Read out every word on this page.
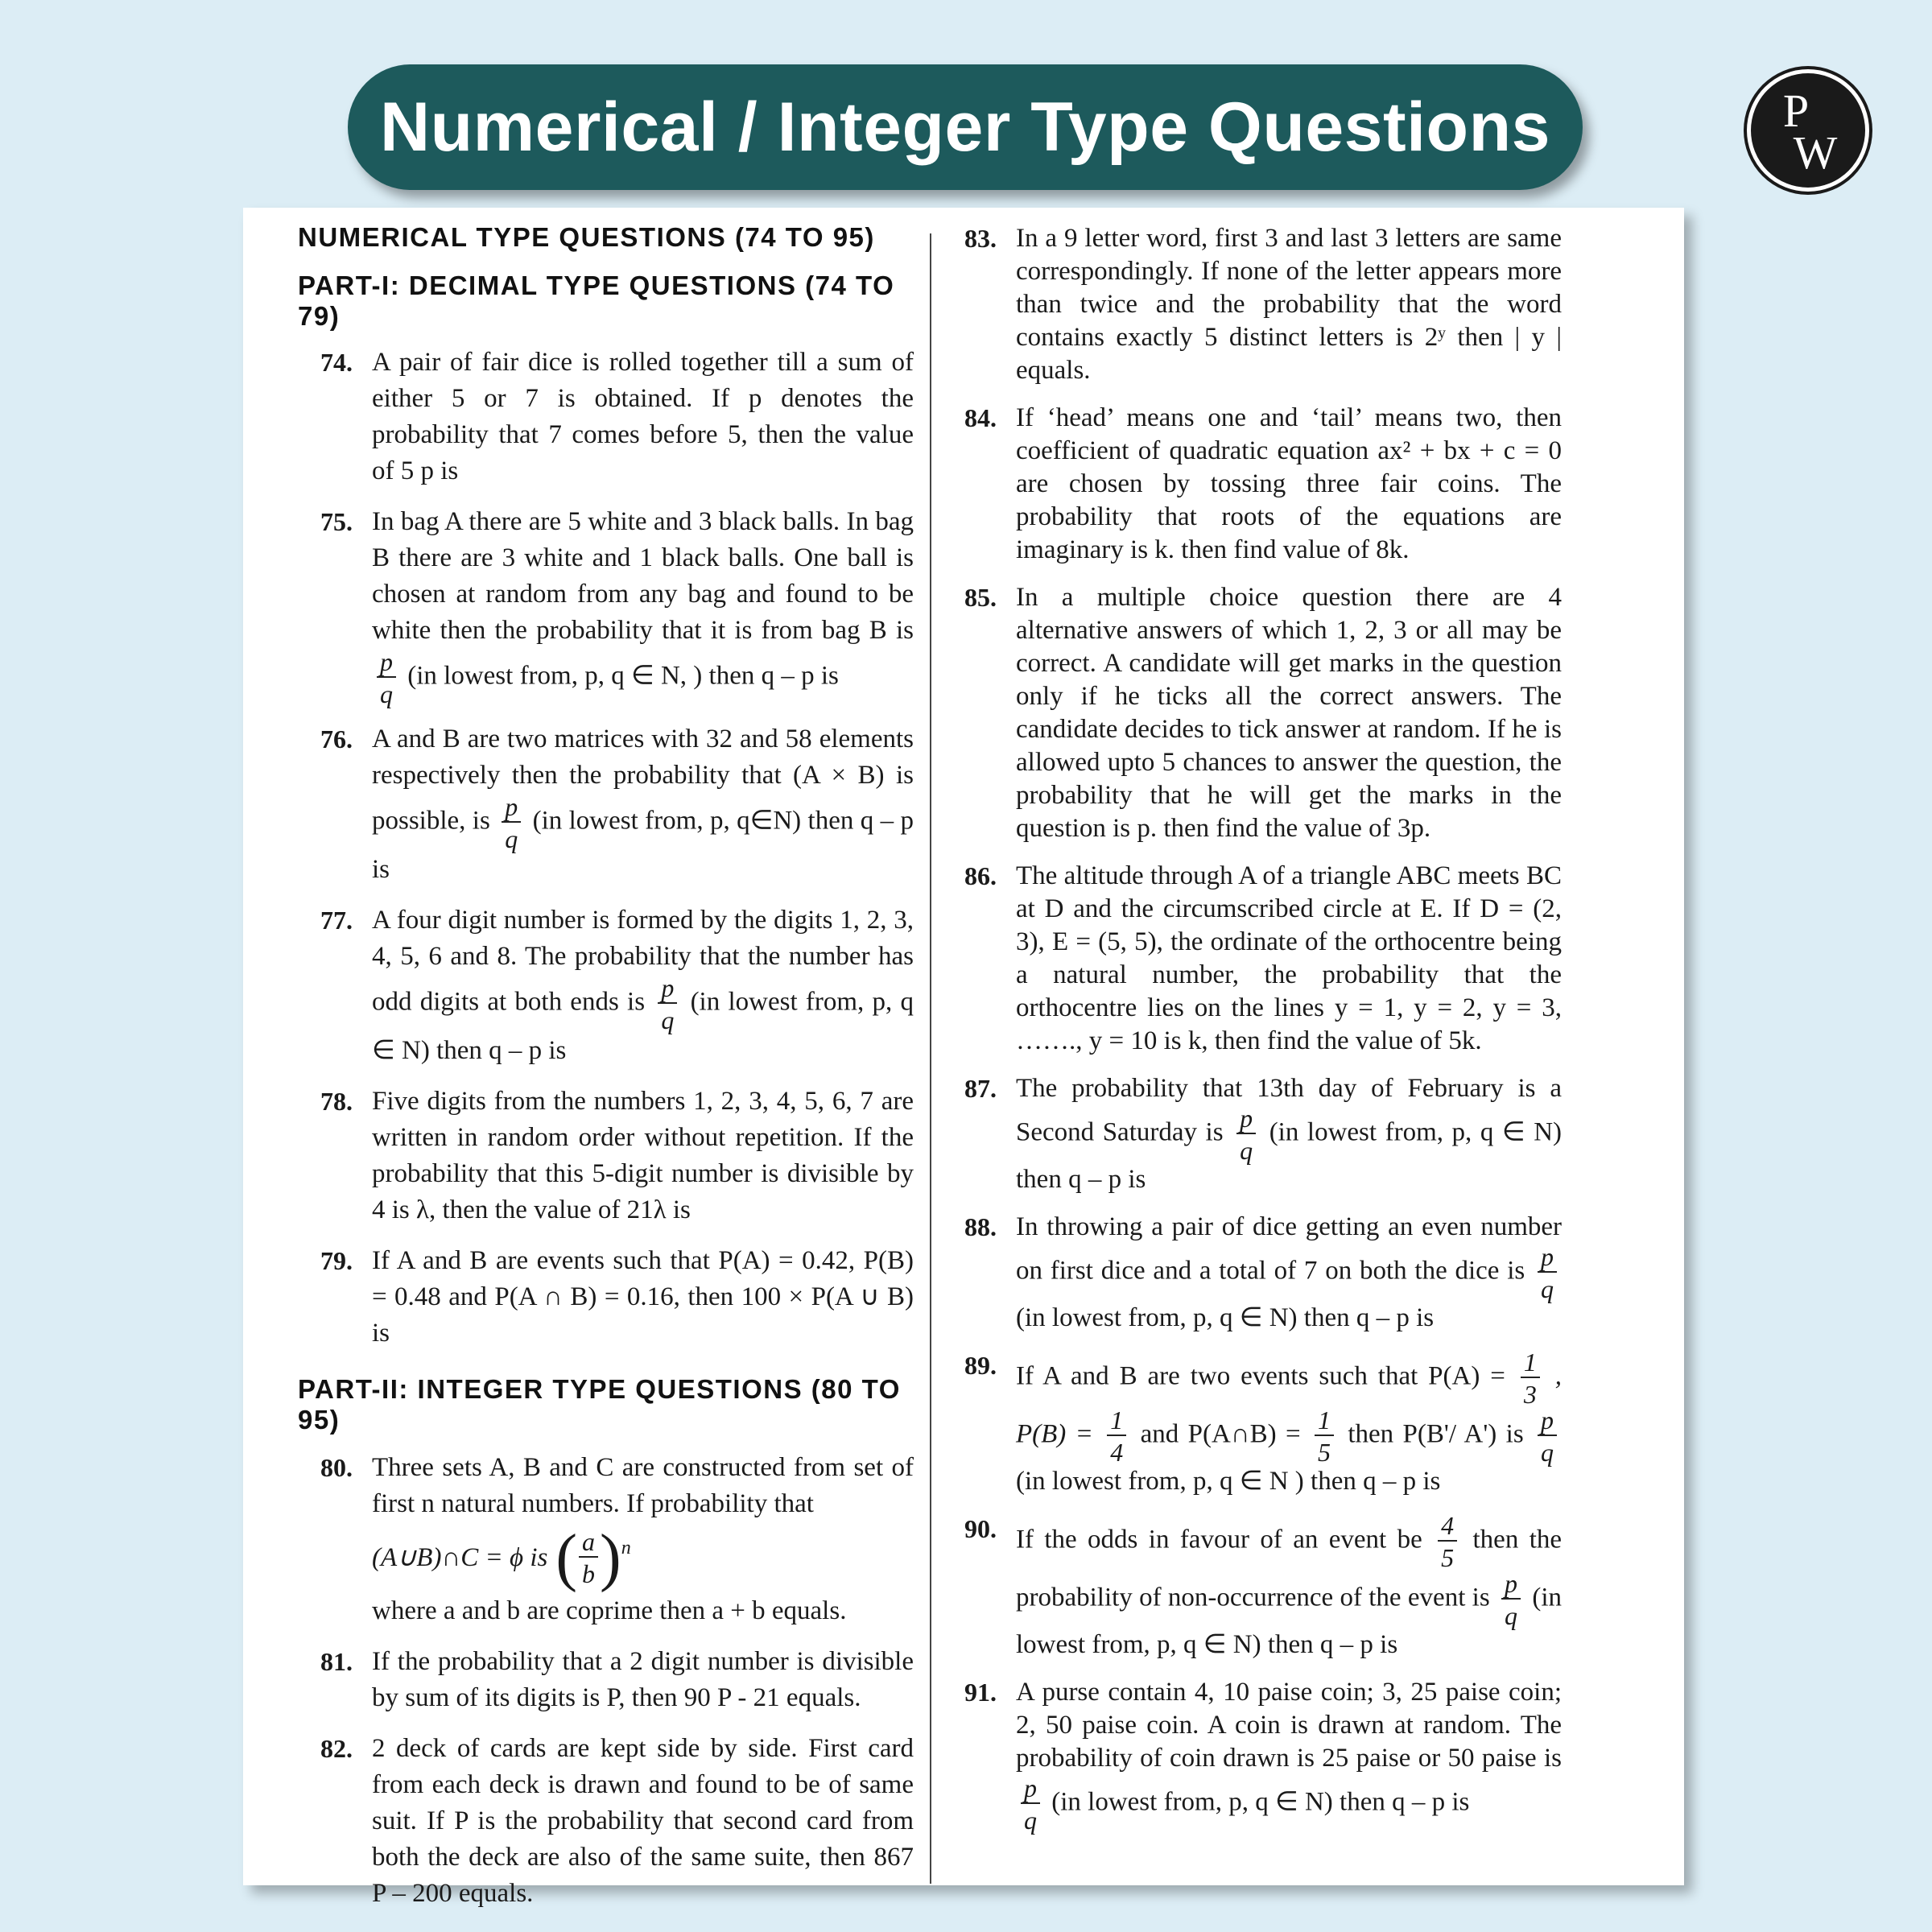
Numerical / Integer Type Questions	P
W
NUMERICAL TYPE QUESTIONS (74 TO 95)
PART-I: DECIMAL TYPE QUESTIONS (74 TO 79)
74. A pair of fair dice is rolled together till a sum of either 5 or 7 is obtained. If p denotes the probability that 7 comes before 5, then the value of 5 p is
75. In bag A there are 5 white and 3 black balls. In bag B there are 3 white and 1 black balls. One ball is chosen at random from any bag and found to be white then the probability that it is from bag B is
$\frac{p}{q} (in$ lowest from, p, q ∈ N, ) then q – p is
76. A and B are two matrices with 32 and 58 elements respectively then the probability that (A × B) is possible, is $\frac{p}{q} (in$ lowest from, p, q∈N) then q – p is
77. A four digit number is formed by the digits 1, 2, 3, 4, 5, 6 and 8. The probability that the number has odd digits at both ends is $\frac{p}{q} (in$ lowest from, p, q ∈ N) then q – p is
78. Five digits from the numbers 1, 2, 3, 4, 5, 6, 7 are written in random order without repetition. If the probability that this 5-digit number is divisible by 4 is λ, then the value of 21λ is
79. If A and B are events such that P(A) = 0.42, P(B) = 0.48 and P(A ∩ B) = 0.16, then 100 × P(A ∪ B) is
PART-II: INTEGER TYPE QUESTIONS (80 TO 95)
80. Three sets A, B and C are constructed from set of first n natural numbers. If probability that
(A∪B)∩C = ϕ is ( $\frac{a}{b} )^n$
where a and b are coprime then a + b equals.
81. If the probability that a 2 digit number is divisible by sum of its digits is P, then 90 P - 21 equals.
82. 2 deck of cards are kept side by side. First card from each deck is drawn and found to be of same suit. If P is the probability that second card from both the deck are also of the same suite, then 867 P – 200 equals.
83. In a 9 letter word, first 3 and last 3 letters are same correspondingly. If none of the letter appears more than twice and the probability that the word contains exactly 5 distinct letters is 2ʸ then | y | equals.
84. If ‘head’ means one and ‘tail’ means two, then coefficient of quadratic equation ax² + bx + c = 0 are chosen by tossing three fair coins. The probability that roots of the equations are imaginary is k. then find value of 8k.
85. In a multiple choice question there are 4 alternative answers of which 1, 2, 3 or all may be correct. A candidate will get marks in the question only if he ticks all the correct answers. The candidate decides to tick answer at random. If he is allowed upto 5 chances to answer the question, the probability that he will get the marks in the question is p. then find the value of 3p.
86. The altitude through A of a triangle ABC meets BC at D and the circumscribed circle at E. If D = (2, 3), E = (5, 5), the ordinate of the orthocentre being a natural number, the probability that the orthocentre lies on the lines y = 1, y = 2, y = 3, ……., y = 10 is k, then find the value of 5k.
87. The probability that 13th day of February is a Second Saturday is $\frac{p}{q} (in$ lowest from, p, q ∈ N) then q – p is
88. In throwing a pair of dice getting an even number on first dice and a total of 7 on both the dice is $\frac{p}{q}$
(in lowest from, p, q ∈ N) then q – p is
89. If A and B are two events such that $P(A) = \frac{1}{3}$ , $P(B) = \frac{1}{4}$ and P(A∩B) = $\frac{1}{5}$ then P(B'/ A') is $\frac{p}{q}$
(in lowest from, p, q ∈ N ) then q – p is
90. If the odds in favour of an event be $\frac{4}{5}$ then the probability of non-occurrence of the event is $\frac{p}{q} (in$ lowest from, p, q ∈ N) then q – p is
91. A purse contain 4, 10 paise coin; 3, 25 paise coin; 2, 50 paise coin. A coin is drawn at random. The probability of coin drawn is 25 paise or 50 paise is
$\frac{p}{q} (in$ lowest from, p, q ∈ N) then q – p is
